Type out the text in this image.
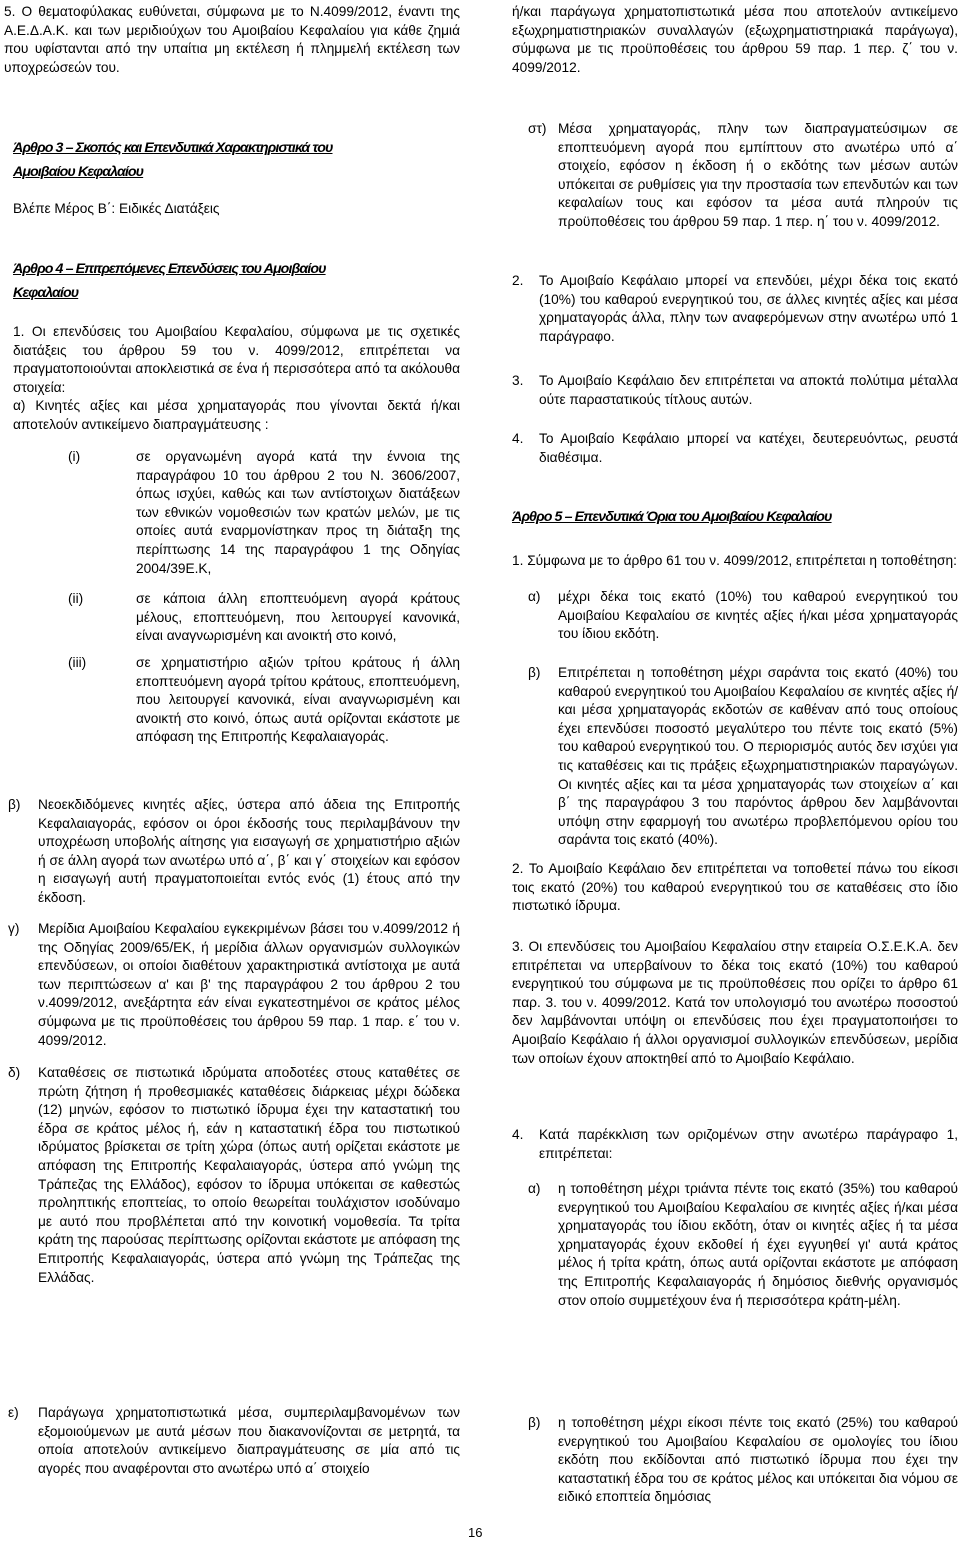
5. Ο θεματοφύλακας ευθύνεται, σύμφωνα με το Ν.4099/2012, έναντι της Α.Ε.Δ.Α.Κ. και των μεριδιούχων του Αμοιβαίου Κεφαλαίου για κάθε ζημιά που υφίστανται από την υπαίτια μη εκτέλεση ή πλημμελή εκτέλεση των υποχρεώσεών του.

Άρθρο 3 – Σκοπός και Επενδυτικά Χαρακτηριστικά του
Αμοιβαίου Κεφαλαίου

Βλέπε Μέρος Β΄: Ειδικές Διατάξεις

Άρθρο 4 – Επιτρεπόμενες Επενδύσεις του Αμοιβαίου
Κεφαλαίου

1. Οι επενδύσεις του Αμοιβαίου Κεφαλαίου, σύμφωνα με τις σχετικές διατάξεις του άρθρου 59 του ν. 4099/2012, επιτρέπεται να πραγματοποιούνται αποκλειστικά σε ένα ή περισσότερα από τα ακόλουθα στοιχεία:

α) Κινητές αξίες και μέσα χρηματαγοράς που γίνονται δεκτά ή/και αποτελούν αντικείμενο διαπραγμάτευσης :

(i)	σε οργανωμένη αγορά κατά την έννοια της παραγράφου 10 του άρθρου 2 του Ν. 3606/2007, όπως ισχύει, καθώς και των αντίστοιχων διατάξεων των εθνικών νομοθεσιών των κρατών μελών, με τις οποίες αυτά εναρμονίστηκαν προς τη διάταξη της περίπτωσης 14 της παραγράφου 1 της Οδηγίας 2004/39Ε.Κ,

(ii)	σε κάποια άλλη εποπτευόμενη αγορά κράτους μέλους, εποπτευόμενη, που λειτουργεί κανονικά, είναι αναγνωρισμένη και ανοικτή στο κοινό,

(iii)	σε χρηματιστήριο αξιών τρίτου κράτους ή άλλη εποπτευόμενη αγορά τρίτου κράτους, εποπτευόμενη, που λειτουργεί κανονικά, είναι αναγνωρισμένη και ανοικτή στο κοινό, όπως αυτά ορίζονται εκάστοτε με απόφαση της Επιτροπής Κεφαλαιαγοράς.

β) Νεοεκδιδόμενες κινητές αξίες, ύστερα από άδεια της Επιτροπής Κεφαλαιαγοράς, εφόσον οι όροι έκδοσής τους περιλαμβάνουν την υποχρέωση υποβολής αίτησης για εισαγωγή σε χρηματιστήριο αξιών ή σε άλλη αγορά των ανωτέρω υπό α΄, β΄ και γ΄ στοιχείων και εφόσον η εισαγωγή αυτή πραγματοποιείται εντός ενός (1) έτους από την έκδοση.

γ) Μερίδια Αμοιβαίου Κεφαλαίου εγκεκριμένων βάσει του ν.4099/2012 ή της Οδηγίας 2009/65/ΕΚ, ή μερίδια άλλων οργανισμών συλλογικών επενδύσεων, οι οποίοι διαθέτουν χαρακτηριστικά αντίστοιχα με αυτά των περιπτώσεων α' και β' της παραγράφου 2 του άρθρου 2 του ν.4099/2012, ανεξάρτητα εάν είναι εγκατεστημένοι σε κράτος μέλος σύμφωνα με τις προϋποθέσεις του άρθρου 59 παρ. 1 παρ. ε΄ του ν. 4099/2012.

δ) Καταθέσεις σε πιστωτικά ιδρύματα αποδοτέες στους καταθέτες σε πρώτη ζήτηση ή προθεσμιακές καταθέσεις διάρκειας μέχρι δώδεκα (12) μηνών, εφόσον το πιστωτικό ίδρυμα έχει την καταστατική του έδρα σε κράτος μέλος ή, εάν η καταστατική έδρα του πιστωτικού ιδρύματος βρίσκεται σε τρίτη χώρα (όπως αυτή ορίζεται εκάστοτε με απόφαση της Επιτροπής Κεφαλαιαγοράς, ύστερα από γνώμη της Τράπεζας της Ελλάδος), εφόσον το ίδρυμα υπόκειται σε καθεστώς προληπτικής εποπτείας, το οποίο θεωρείται τουλάχιστον ισοδύναμο με αυτό που προβλέπεται από την κοινοτική νομοθεσία. Τα τρίτα κράτη της παρούσας περίπτωσης ορίζονται εκάστοτε με απόφαση της Επιτροπής Κεφαλαιαγοράς, ύστερα από γνώμη της Τράπεζας της Ελλάδας.

ε) Παράγωγα χρηματοπιστωτικά μέσα, συμπεριλαμβανομένων των εξομοιούμενων με αυτά μέσων που διακανονίζονται σε μετρητά, τα οποία αποτελούν αντικείμενο διαπραγμάτευσης σε μία από τις αγορές που αναφέρονται στο ανωτέρω υπό α΄ στοιχείο

ή/και παράγωγα χρηματοπιστωτικά μέσα που αποτελούν αντικείμενο εξωχρηματιστηριακών συναλλαγών (εξωχρηματιστηριακά παράγωγα), σύμφωνα με τις προϋποθέσεις του άρθρου 59 παρ. 1 περ. ζ΄ του ν. 4099/2012.

στ) Μέσα χρηματαγοράς, πλην των διαπραγματεύσιμων σε εποπτευόμενη αγορά που εμπίπτουν στο ανωτέρω υπό α΄ στοιχείο, εφόσον η έκδοση ή ο εκδότης των μέσων αυτών υπόκειται σε ρυθμίσεις για την προστασία των επενδυτών και των κεφαλαίων τους και εφόσον τα μέσα αυτά πληρούν τις προϋποθέσεις του άρθρου 59 παρ. 1 περ. η΄ του ν. 4099/2012.

2. Το Αμοιβαίο Κεφάλαιο μπορεί να επενδύει, μέχρι δέκα τοις εκατό (10%) του καθαρού ενεργητικού του, σε άλλες κινητές αξίες και μέσα χρηματαγοράς άλλα, πλην των αναφερόμενων στην ανωτέρω υπό 1 παράγραφο.

3. Το Αμοιβαίο Κεφάλαιο δεν επιτρέπεται να αποκτά πολύτιμα μέταλλα ούτε παραστατικούς τίτλους αυτών.

4. Το Αμοιβαίο Κεφάλαιο μπορεί να κατέχει, δευτερευόντως, ρευστά διαθέσιμα.

Άρθρο 5 – Επενδυτικά Όρια του Αμοιβαίου Κεφαλαίου

1. Σύμφωνα με το άρθρο 61 του ν. 4099/2012, επιτρέπεται η τοποθέτηση:

α) μέχρι δέκα τοις εκατό (10%) του καθαρού ενεργητικού του Αμοιβαίου Κεφαλαίου σε κινητές αξίες ή/και μέσα χρηματαγοράς του ίδιου εκδότη.

β) Επιτρέπεται η τοποθέτηση μέχρι σαράντα τοις εκατό (40%) του καθαρού ενεργητικού του Αμοιβαίου Κεφαλαίου σε κινητές αξίες ή/και μέσα χρηματαγοράς εκδοτών σε καθέναν από τους οποίους έχει επενδύσει ποσοστό μεγαλύτερο του πέντε τοις εκατό (5%) του καθαρού ενεργητικού του. Ο περιορισμός αυτός δεν ισχύει για τις καταθέσεις και τις πράξεις εξωχρηματιστηριακών παραγώγων. Οι κινητές αξίες και τα μέσα χρηματαγοράς των στοιχείων α΄ και β΄ της παραγράφου 3 του παρόντος άρθρου δεν λαμβάνονται υπόψη στην εφαρμογή του ανωτέρω προβλεπόμενου ορίου του σαράντα τοις εκατό (40%).

2. Το Αμοιβαίο Κεφάλαιο δεν επιτρέπεται να τοποθετεί πάνω του είκοσι τοις εκατό (20%) του καθαρού ενεργητικού του σε καταθέσεις στο ίδιο πιστωτικό ίδρυμα.

3. Οι επενδύσεις του Αμοιβαίου Κεφαλαίου στην εταιρεία Ο.Σ.Ε.Κ.Α. δεν επιτρέπεται να υπερβαίνουν το δέκα τοις εκατό (10%) του καθαρού ενεργητικού του σύμφωνα με τις προϋποθέσεις που ορίζει το άρθρο 61 παρ. 3. του ν. 4099/2012. Κατά τον υπολογισμό του ανωτέρω ποσοστού δεν λαμβάνονται υπόψη οι επενδύσεις που έχει πραγματοποιήσει το Αμοιβαίο Κεφάλαιο ή άλλοι οργανισμοί συλλογικών επενδύσεων, μερίδια των οποίων έχουν αποκτηθεί από το Αμοιβαίο Κεφάλαιο.

4. Κατά παρέκκλιση των οριζομένων στην ανωτέρω παράγραφο 1, επιτρέπεται:

α) η τοποθέτηση μέχρι τριάντα πέντε τοις εκατό (35%) του καθαρού ενεργητικού του Αμοιβαίου Κεφαλαίου σε κινητές αξίες ή/και μέσα χρηματαγοράς του ίδιου εκδότη, όταν οι κινητές αξίες ή τα μέσα χρηματαγοράς έχουν εκδοθεί ή έχει εγγυηθεί γι' αυτά κράτος μέλος ή τρίτα κράτη, όπως αυτά ορίζονται εκάστοτε με απόφαση της Επιτροπής Κεφαλαιαγοράς ή δημόσιος διεθνής οργανισμός στον οποίο συμμετέχουν ένα ή περισσότερα κράτη-μέλη.

β) η τοποθέτηση μέχρι είκοσι πέντε τοις εκατό (25%) του καθαρού ενεργητικού του Αμοιβαίου Κεφαλαίου σε ομολογίες του ίδιου εκδότη που εκδίδονται από πιστωτικό ίδρυμα που έχει την καταστατική έδρα του σε κράτος μέλος και υπόκειται δια νόμου σε ειδικό εποπτεία δημόσιας

16
